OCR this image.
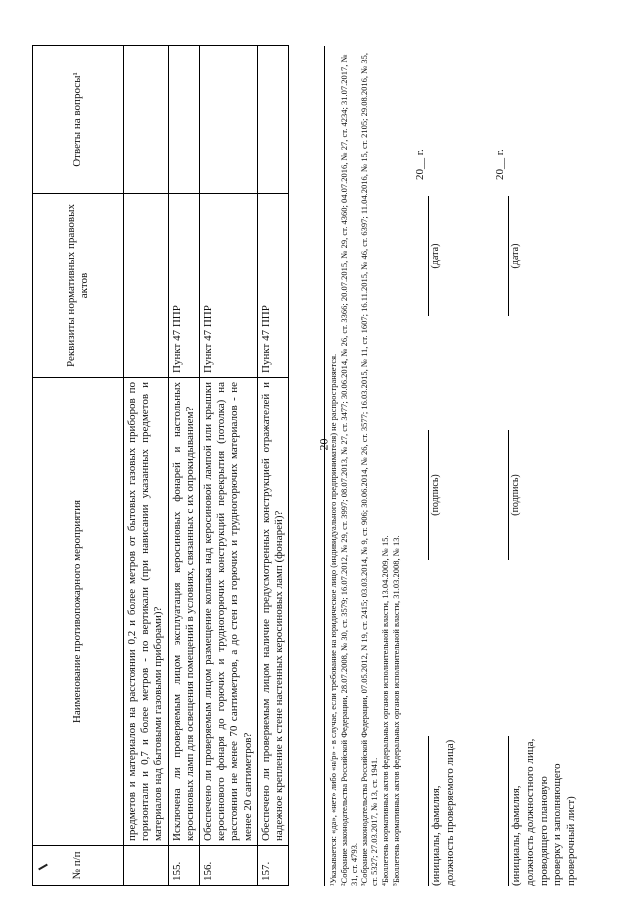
20
№ п/п	Наименование противопожарного мероприятия	Реквизиты нормативных правовых актов	Ответы на вопросы¹
	предметов и материалов на расстоянии 0,2 и более метров от бытовых газовых приборов по горизонтали и 0,7 и более метров - по вертикали (при нависании указанных предметов и материалов над бытовыми газовыми приборами)?		
155.	Исключена ли проверяемым лицом эксплуатация керосиновых фонарей и настольных керосиновых ламп для освещения помещений в условиях, связанных с их опрокидыванием?	Пункт 47 ППР	
156.	Обеспечено ли проверяемым лицом размещение колпака над керосиновой лампой или крышки керосинового фонаря до горючих и трудногорючих конструкций перекрытия (потолка) на расстоянии не менее 70 сантиметров, а до стен из горючих и трудногорючих материалов - не менее 20 сантиметров?	Пункт 47 ППР	
157.	Обеспечено ли проверяемым лицом наличие предусмотренных конструкцией отражателей и надежное крепление к стене настенных керосиновых ламп (фонарей)?	Пункт 47 ППР	

¹Указывается: «да», «нет» либо «н/р» - в случае, если требование на юридическое лицо (индивидуального предпринимателя) не распространяется. ²Собрание законодательства Российской Федерации, 28.07.2008, № 30, ст. 3579; 16.07.2012, № 29, ст. 3997; 08.07.2013, № 27, ст. 3477; 30.06.2014, № 26, ст. 3366; 20.07.2015, № 29, ст. 4360; 04.07.2016, № 27, ст. 4234; 31.07.2017, № 31, ст. 4793. ³Собрание законодательства Российской Федерации, 07.05.2012, N 19, ст. 2415; 03.03.2014, № 9, ст. 906; 30.06.2014, № 26, ст. 3577; 16.03.2015, № 11, ст. 1607; 16.11.2015, № 46, ст. 6397; 11.04.2016, № 15, ст. 2105; 29.08.2016, № 35, ст. 5327; 27.03.2017, № 13, ст. 1941. ⁴Бюллетень нормативных актов федеральных органов исполнительной власти, 13.04.2009, № 15. ⁵Бюллетень нормативных актов федеральных органов исполнительной власти, 31.03.2008, № 13.	(инициалы, фамилия, должность проверяемого лица)
(подпись)
(дата)
20__ г.
(инициалы, фамилия, должность должностного лица, проводящего плановую проверку и заполняющего проверочный лист)
(подпись)
(дата)
20__ г.
